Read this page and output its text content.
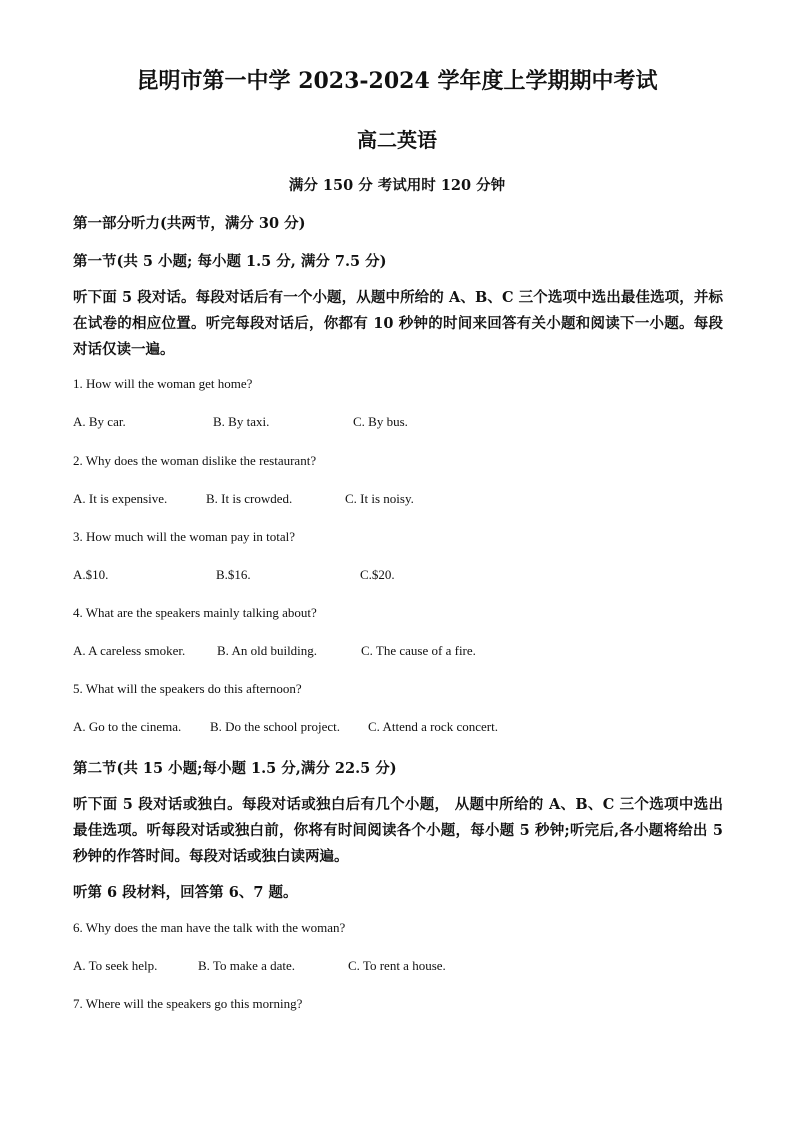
昆明市第一中学 2023-2024 学年度上学期期中考试
高二英语
满分 150 分 考试用时 120 分钟
第一部分听力(共两节，满分 30 分)
第一节(共 5 小题; 每小题 1.5 分, 满分 7.5 分)
听下面 5 段对话。每段对话后有一个小题，从题中所给的 A、B、C 三个选项中选出最佳选项，并标在试卷的相应位置。听完每段对话后，你都有 10 秒钟的时间来回答有关小题和阅读下一小题。每段对话仅读一遍。
1. How will the woman get home?
A. By car.	B. By taxi.	C. By bus.
2. Why does the woman dislike the restaurant?
A. It is expensive.	B. It is crowded.	C. It is noisy.
3. How much will the woman pay in total?
A.$10.	B.$16.	C.$20.
4. What are the speakers mainly talking about?
A. A careless smoker. B. An old building.	C. The cause of a fire.
5. What will the speakers do this afternoon?
A. Go to the cinema. B. Do the school project. C. Attend a rock concert.
第二节(共 15 小题;每小题 1.5 分,满分 22.5 分)
听下面 5 段对话或独白。每段对话或独白后有几个小题， 从题中所给的 A、B、C 三个选项中选出最佳选项。听每段对话或独白前，你将有时间阅读各个小题，每小题 5 秒钟;听完后,各小题将给出 5 秒钟的作答时间。每段对话或独白读两遍。
听第 6 段材料，回答第 6、7 题。
6. Why does the man have the talk with the woman?
A. To seek help.	B. To make a date.	C. To rent a house.
7. Where will the speakers go this morning?
